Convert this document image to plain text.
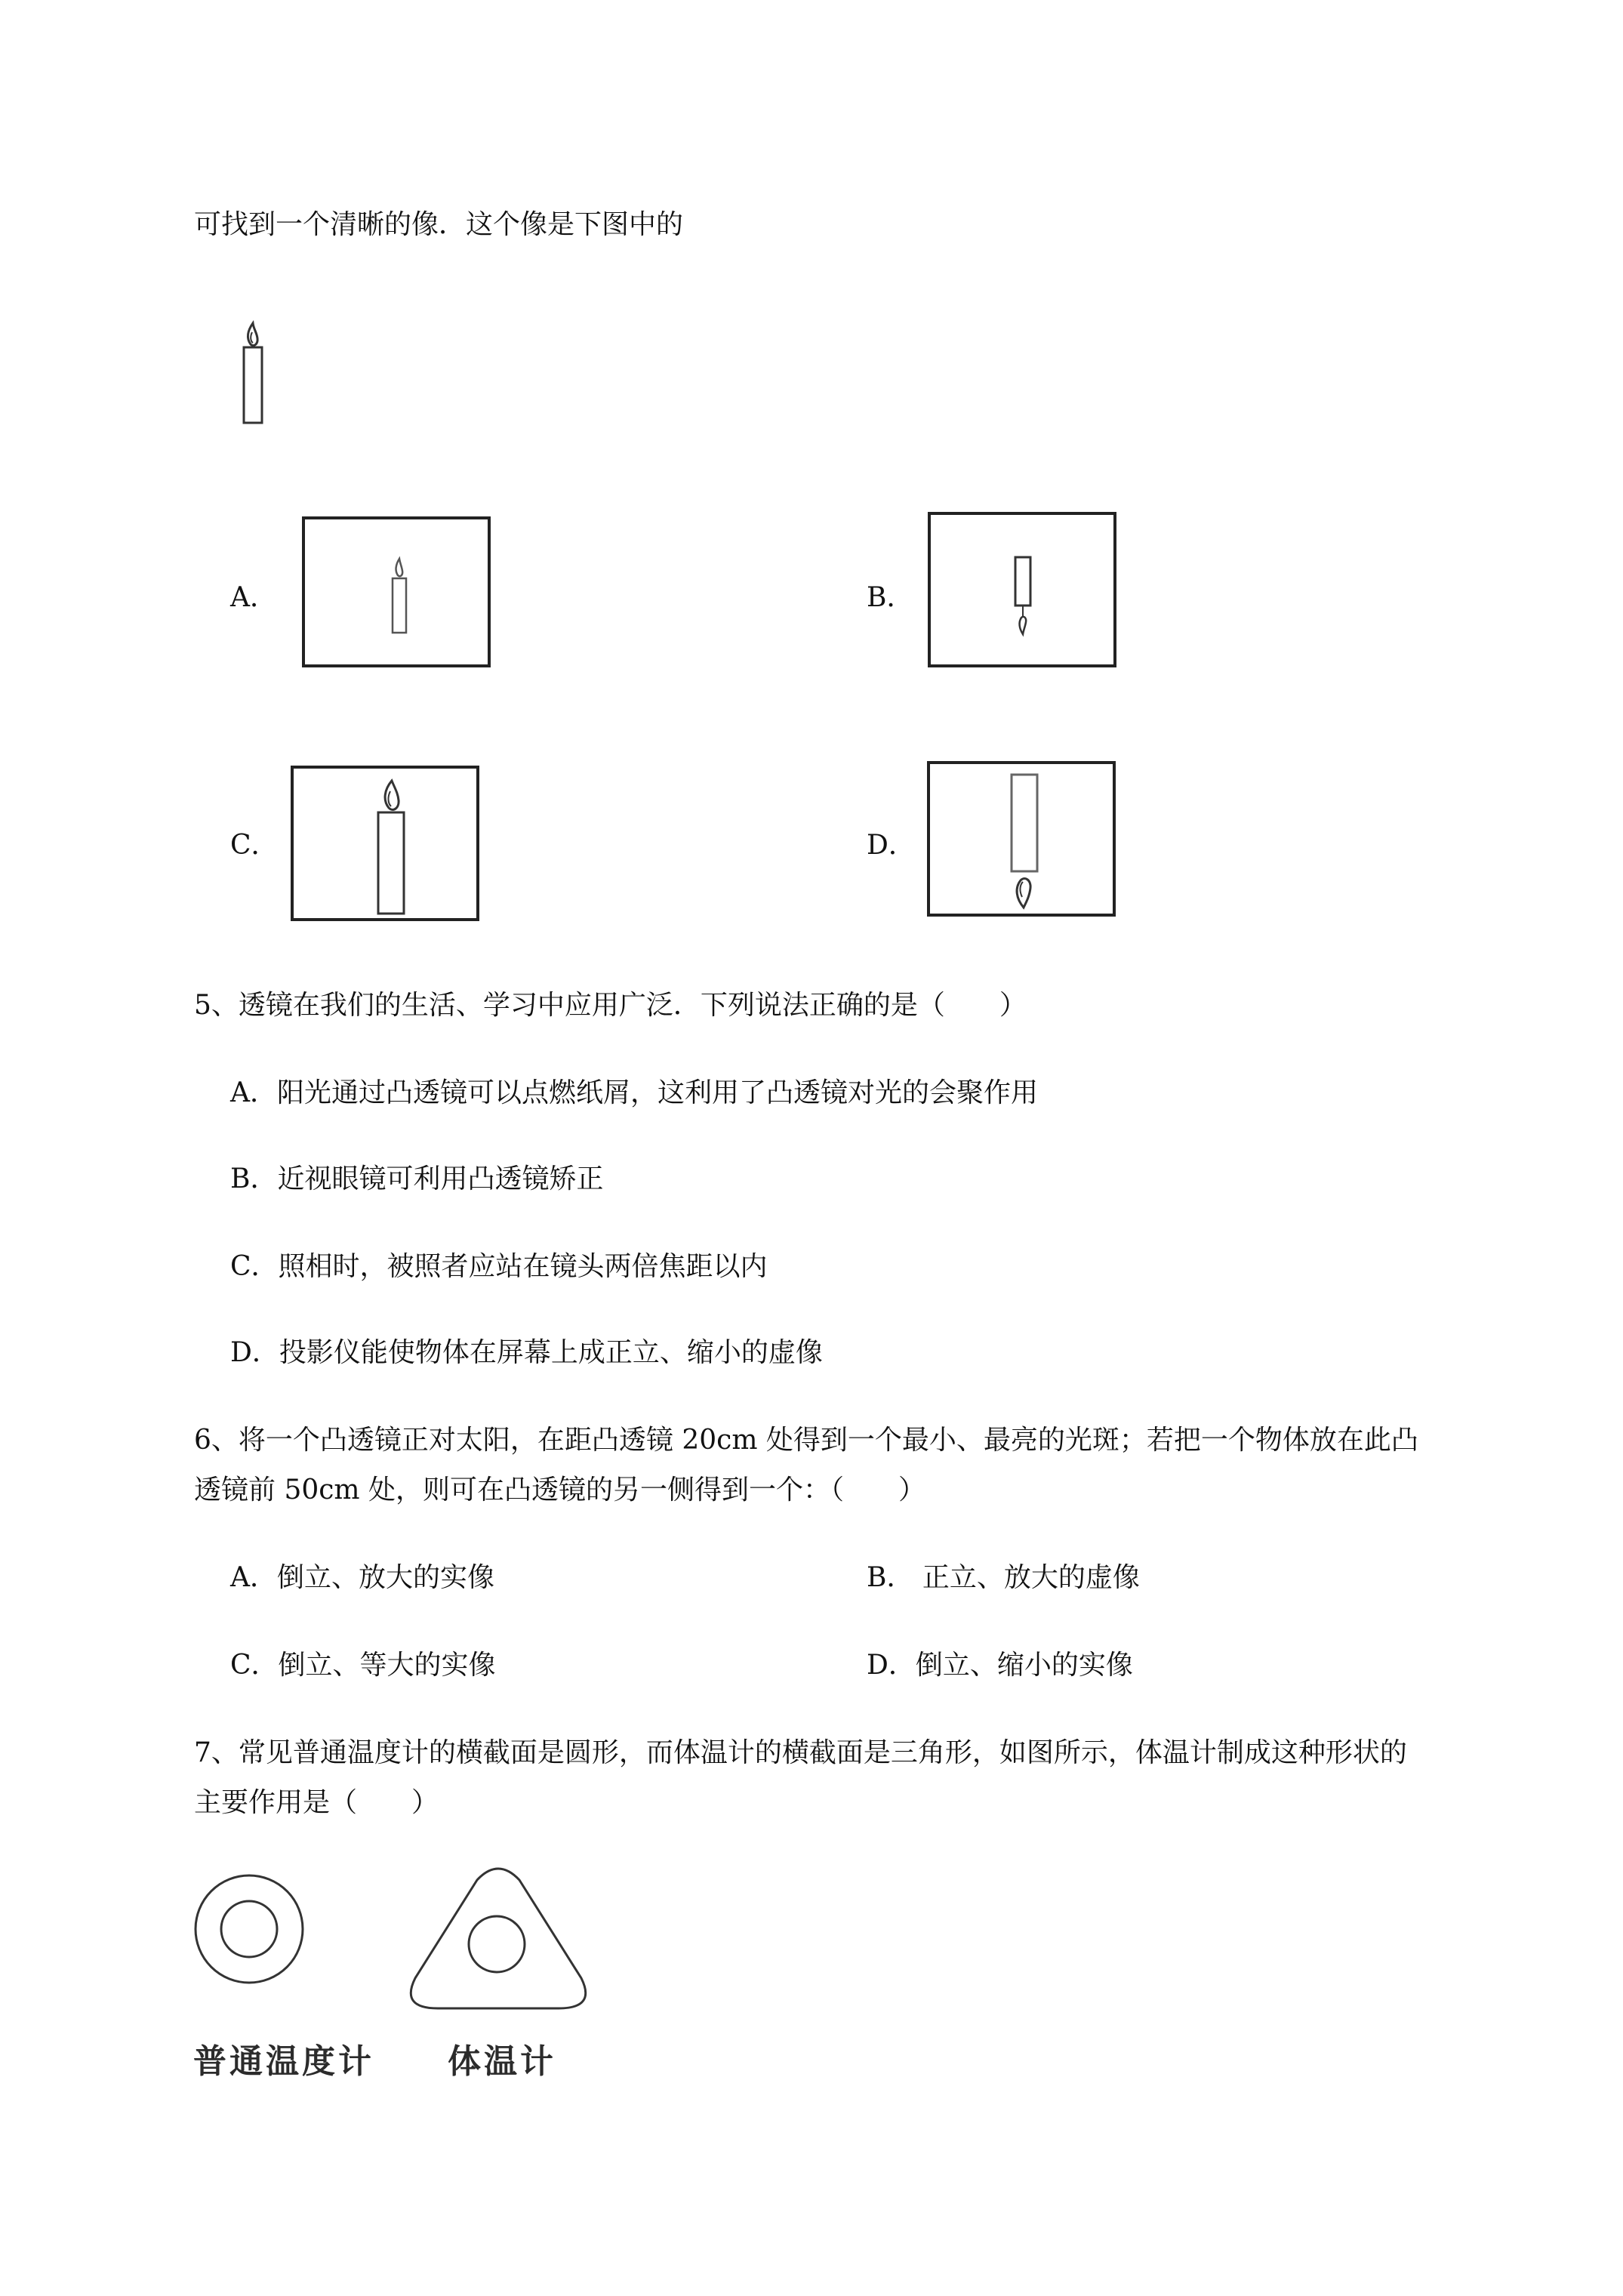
可找到一个清晰的像．这个像是下图中的
A．	B．
C．	D．
5、透镜在我们的生活、学习中应用广泛．下列说法正确的是（　　）
A．阳光通过凸透镜可以点燃纸屑，这利用了凸透镜对光的会聚作用
B．近视眼镜可利用凸透镜矫正
C．照相时，被照者应站在镜头两倍焦距以内
D．投影仪能使物体在屏幕上成正立、缩小的虚像
6、将一个凸透镜正对太阳，在距凸透镜 20cm 处得到一个最小、最亮的光斑；若把一个物体放在此凸
透镜前 50cm 处，则可在凸透镜的另一侧得到一个：（　　）
A．倒立、放大的实像	B． 正立、放大的虚像
C．倒立、等大的实像	D．倒立、缩小的实像
7、常见普通温度计的横截面是圆形，而体温计的横截面是三角形，如图所示，体温计制成这种形状的
主要作用是（　　）
普通温度计 体温计
